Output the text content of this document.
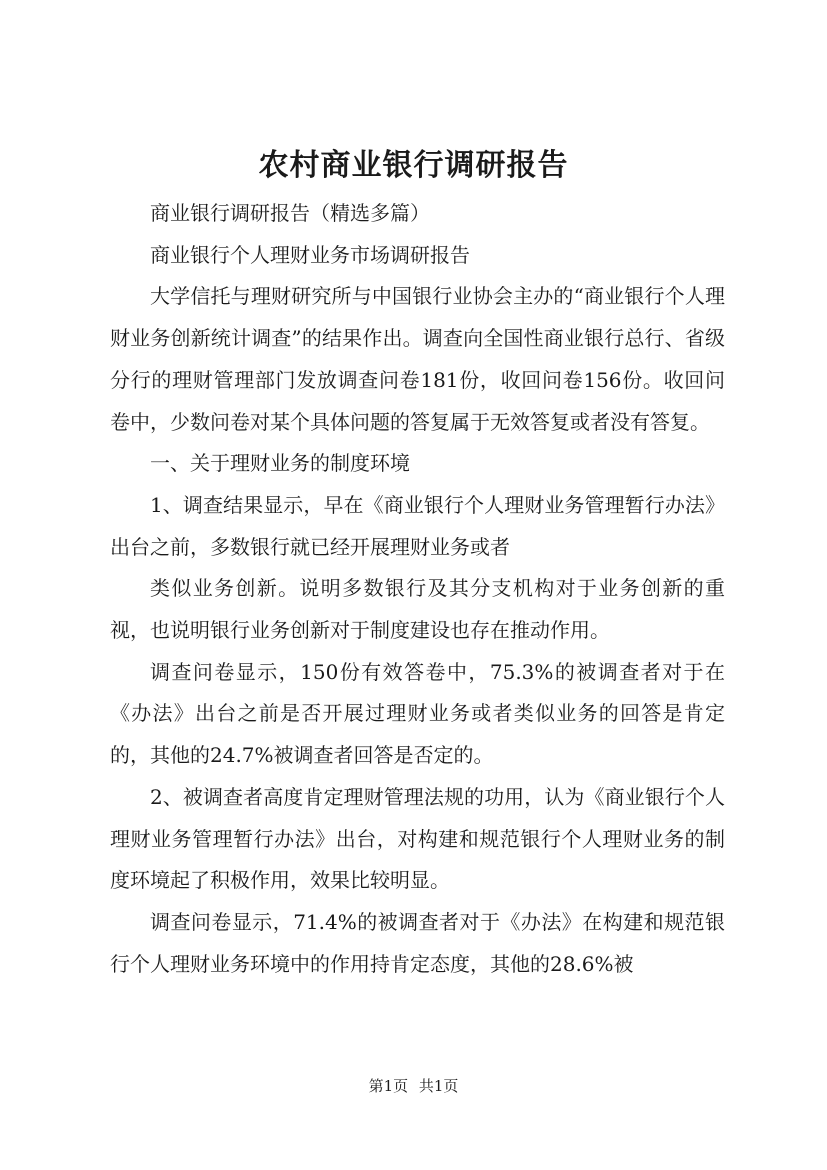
农村商业银行调研报告

商业银行调研报告（精选多篇）

商业银行个人理财业务市场调研报告

大学信托与理财研究所与中国银行业协会主办的“商业银行个人理财业务创新统计调查”的结果作出。调查向全国性商业银行总行、省级分行的理财管理部门发放调查问卷181份，收回问卷156份。收回问卷中，少数问卷对某个具体问题的答复属于无效答复或者没有答复。

一、关于理财业务的制度环境

1、调查结果显示，早在《商业银行个人理财业务管理暂行办法》出台之前，多数银行就已经开展理财业务或者

类似业务创新。说明多数银行及其分支机构对于业务创新的重视，也说明银行业务创新对于制度建设也存在推动作用。

调查问卷显示，150份有效答卷中，75.3%的被调查者对于在《办法》出台之前是否开展过理财业务或者类似业务的回答是肯定的，其他的24.7%被调查者回答是否定的。

2、被调查者高度肯定理财管理法规的功用，认为《商业银行个人理财业务管理暂行办法》出台，对构建和规范银行个人理财业务的制度环境起了积极作用，效果比较明显。

调查问卷显示，71.4%的被调查者对于《办法》在构建和规范银行个人理财业务环境中的作用持肯定态度，其他的28.6%被

第1页 共1页
